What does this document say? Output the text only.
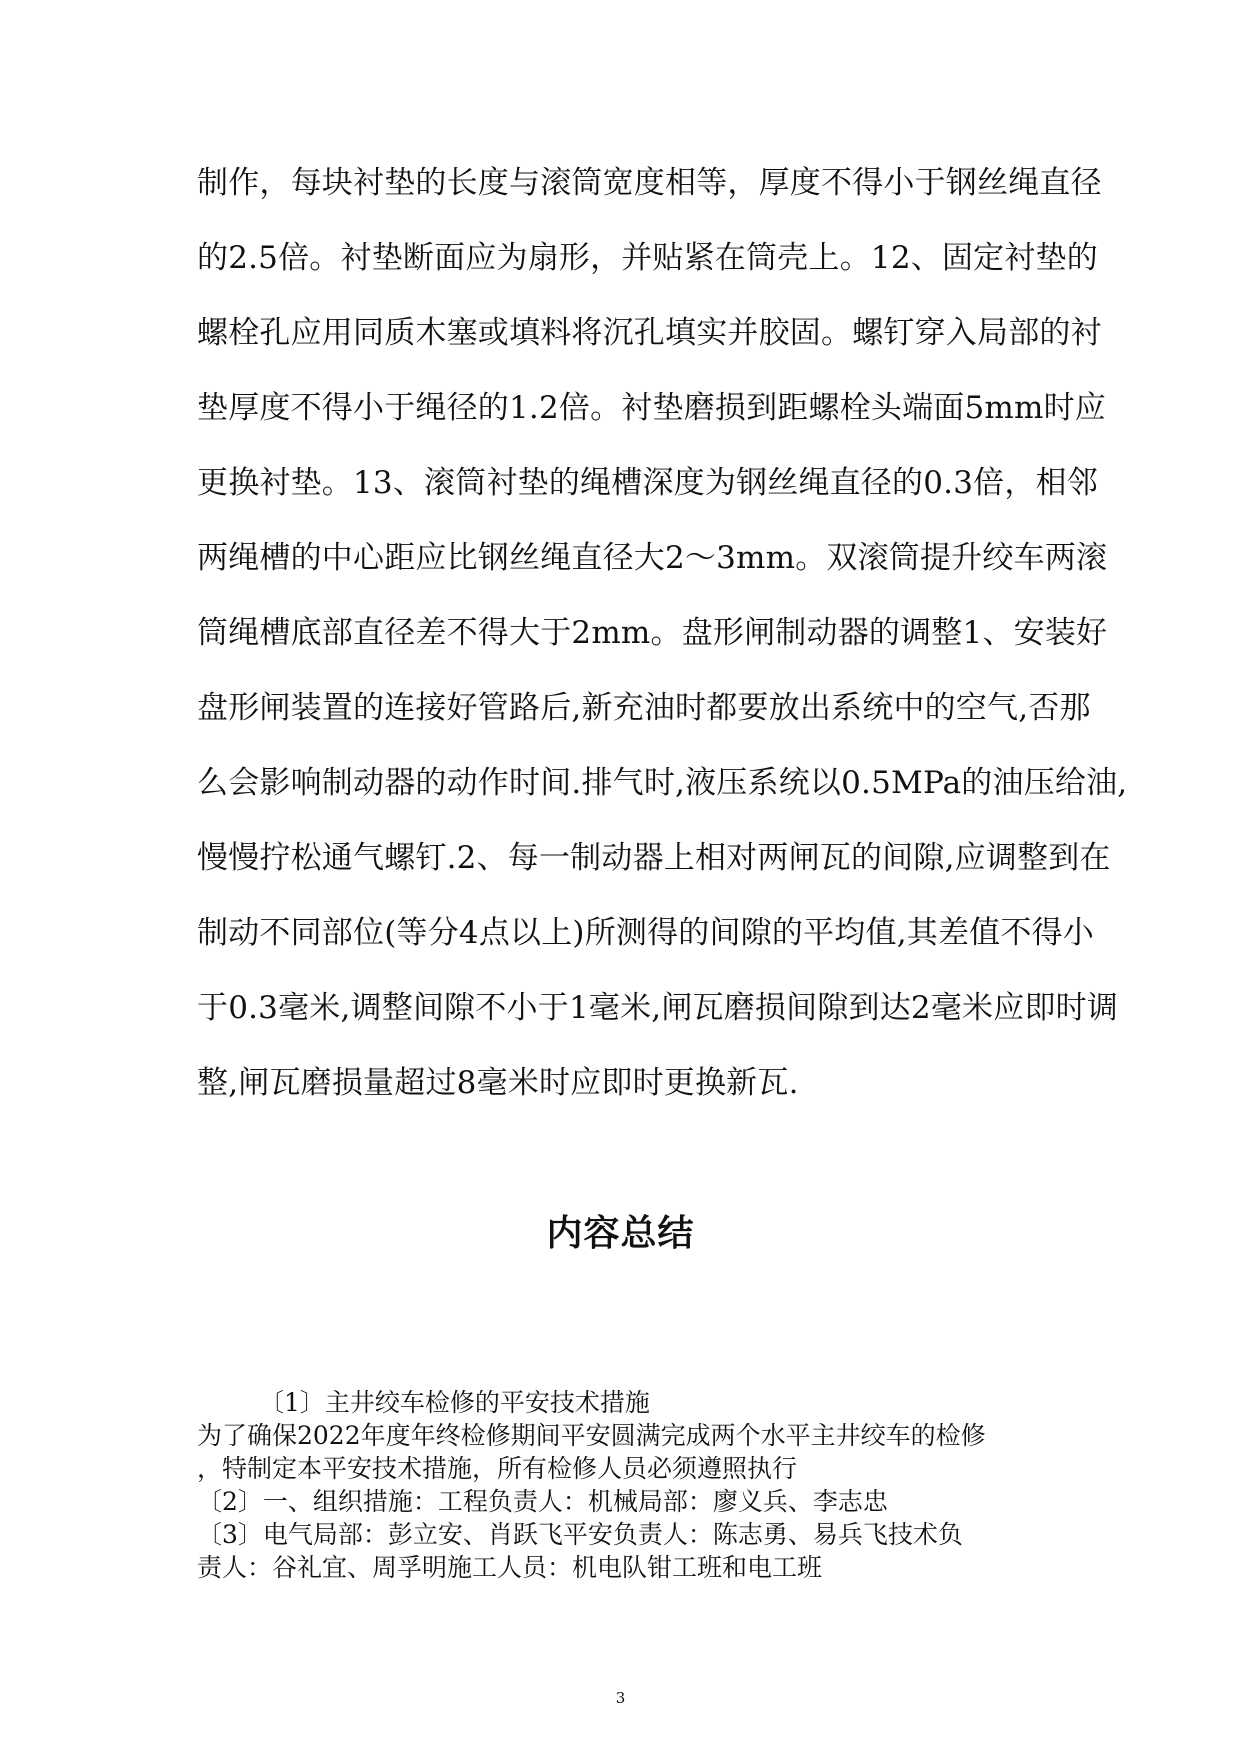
制作，每块衬垫的长度与滚筒宽度相等，厚度不得小于钢丝绳直径
的2.5倍。衬垫断面应为扇形，并贴紧在筒壳上。12、固定衬垫的
螺栓孔应用同质木塞或填料将沉孔填实并胶固。螺钉穿入局部的衬
垫厚度不得小于绳径的1.2倍。衬垫磨损到距螺栓头端面5mm时应
更换衬垫。13、滚筒衬垫的绳槽深度为钢丝绳直径的0.3倍，相邻
两绳槽的中心距应比钢丝绳直径大2～3mm。双滚筒提升绞车两滚
筒绳槽底部直径差不得大于2mm。盘形闸制动器的调整1、安装好
盘形闸装置的连接好管路后,新充油时都要放出系统中的空气,否那
么会影响制动器的动作时间.排气时,液压系统以0.5MPa的油压给油,
慢慢拧松通气螺钉.2、每一制动器上相对两闸瓦的间隙,应调整到在
制动不同部位(等分4点以上)所测得的间隙的平均值,其差值不得小
于0.3毫米,调整间隙不小于1毫米,闸瓦磨损间隙到达2毫米应即时调
整,闸瓦磨损量超过8毫米时应即时更换新瓦.
内容总结
〔1〕主井绞车检修的平安技术措施
为了确保2022年度年终检修期间平安圆满完成两个水平主井绞车的检修
，特制定本平安技术措施，所有检修人员必须遵照执行
〔2〕一、组织措施：工程负责人：机械局部：廖义兵、李志忠
〔3〕电气局部：彭立安、肖跃飞平安负责人：陈志勇、易兵飞技术负
责人：谷礼宜、周孚明施工人员：机电队钳工班和电工班
3
